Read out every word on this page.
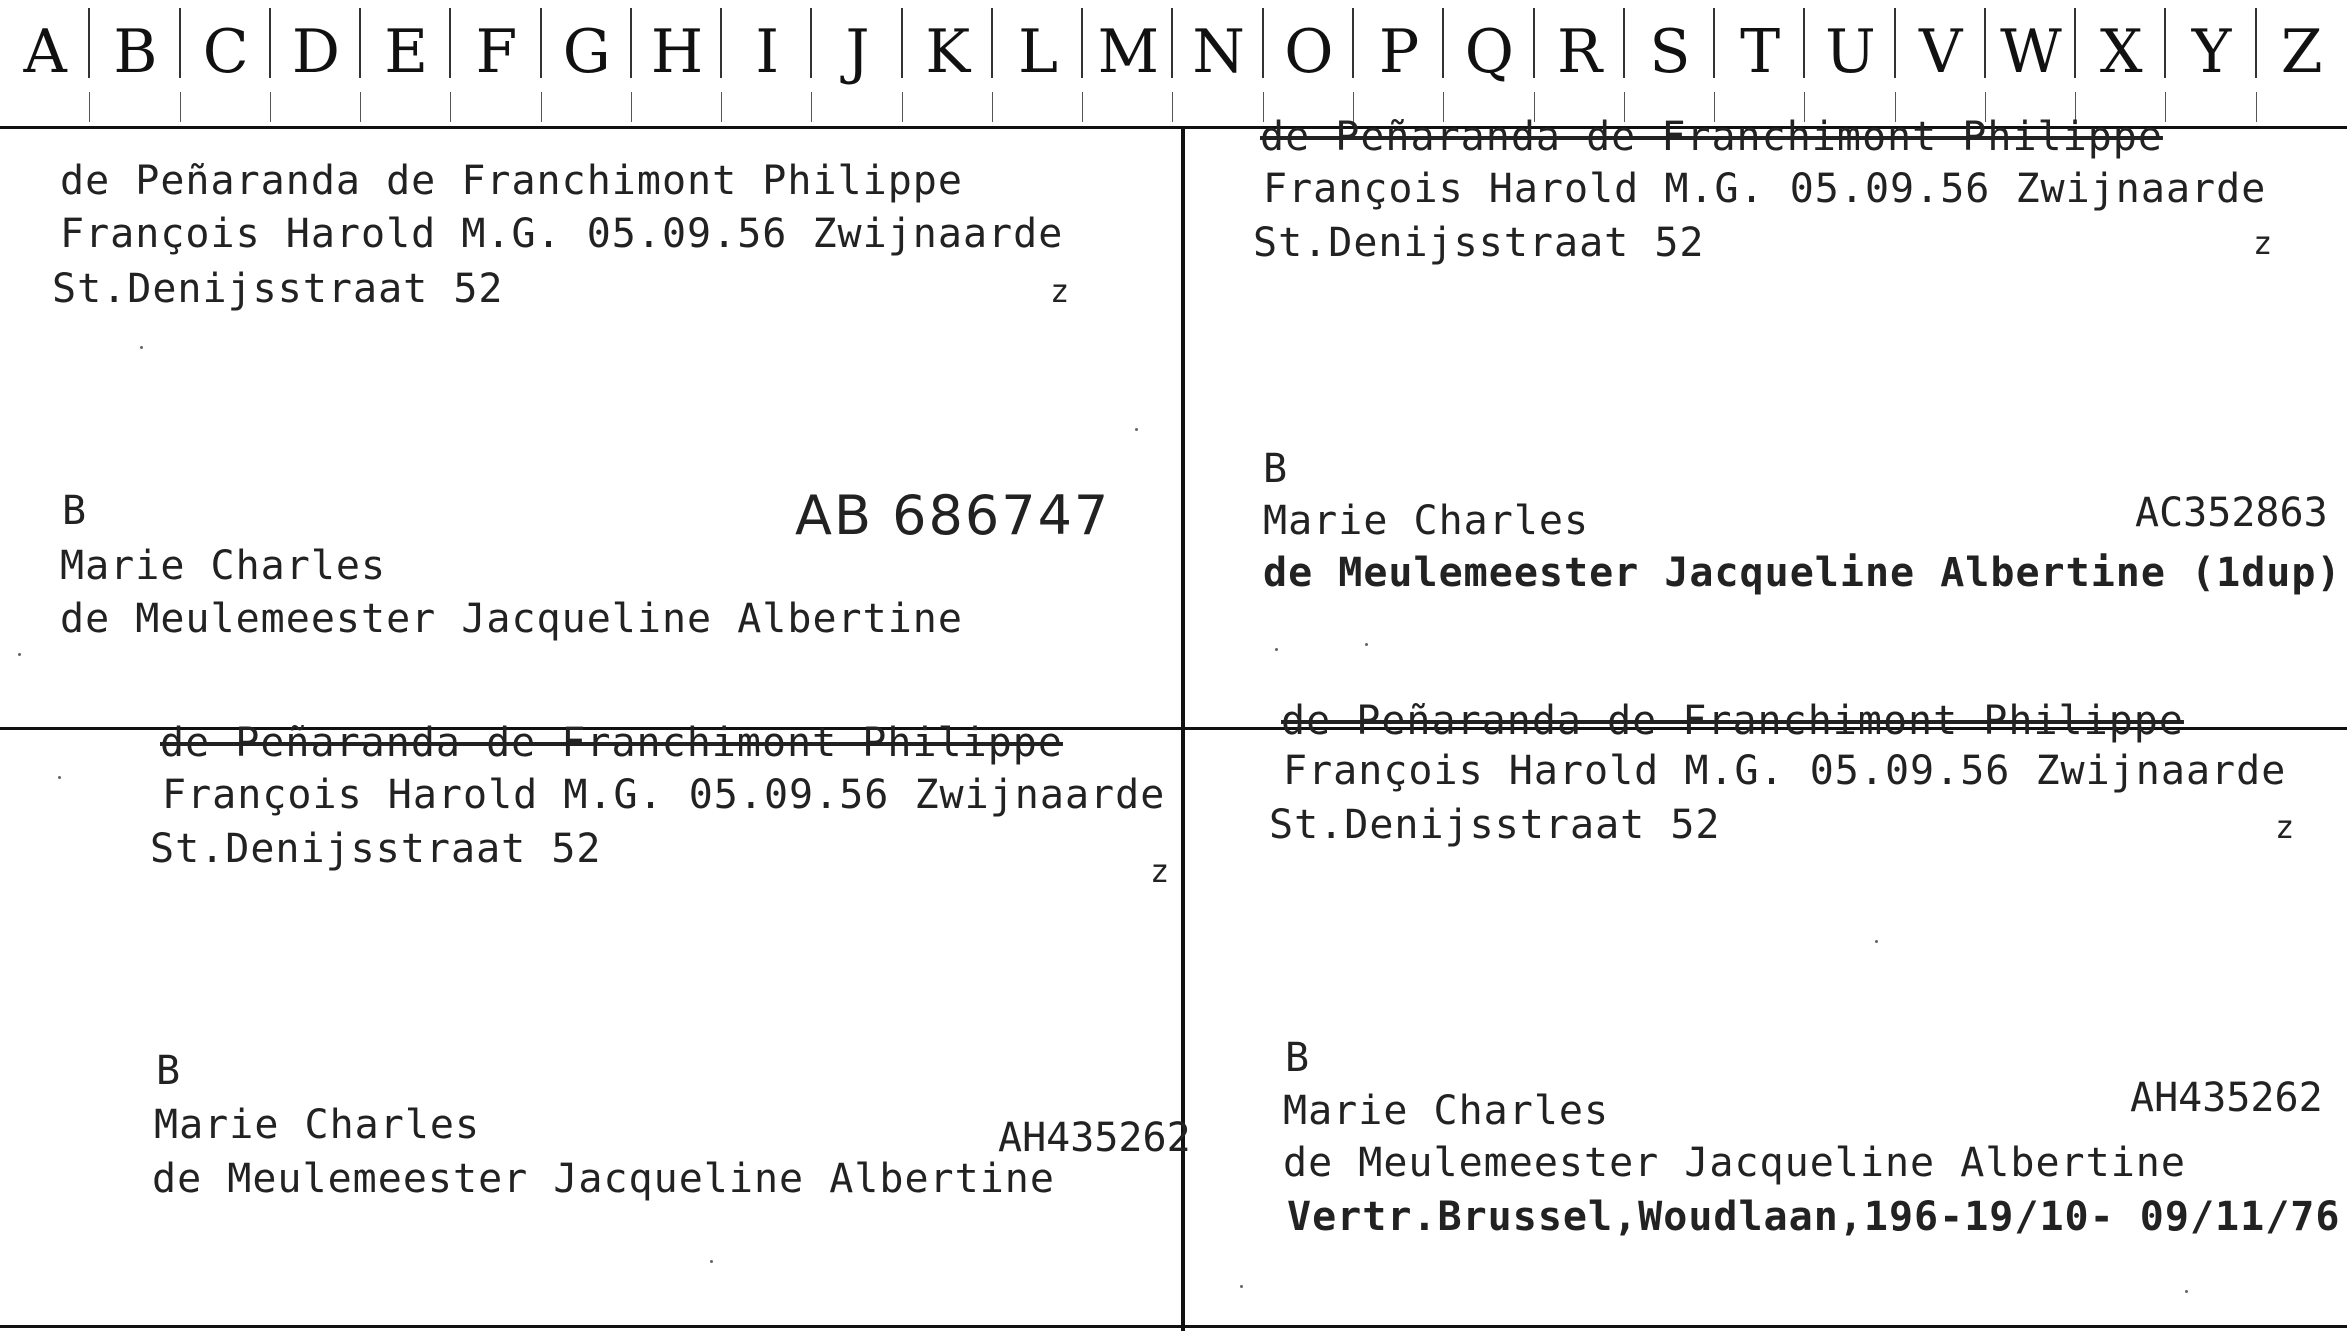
A B C D E F G H I	J K L M N O P Q R S T U V W X Y Z
de Peñaranda de Franchimont Philippe
François Harold M.G. 05.09.56 Zwijnaarde
St.Denijsstraat 52	z
B
Marie Charles
de Meulemeester Jacqueline Albertine
AB 686747
de Peñaranda de Franchimont Philippe
François Harold M.G. 05.09.56 Zwijnaarde
St.Denijsstraat 52	z
B
Marie Charles
de Meulemeester Jacqueline Albertine (1dup)
AC352863
de Peñaranda de Franchimont Philippe
François Harold M.G. 05.09.56 Zwijnaarde
St.Denijsstraat 52	z
B
Marie Charles
de Meulemeester Jacqueline Albertine
AH435262
de Peñaranda de Franchimont Philippe
François Harold M.G. 05.09.56 Zwijnaarde
St.Denijsstraat 52	z
B
Marie Charles
de Meulemeester Jacqueline Albertine
Vertr.Brussel,Woudlaan,196-19/10- 09/11/76
AH435262
